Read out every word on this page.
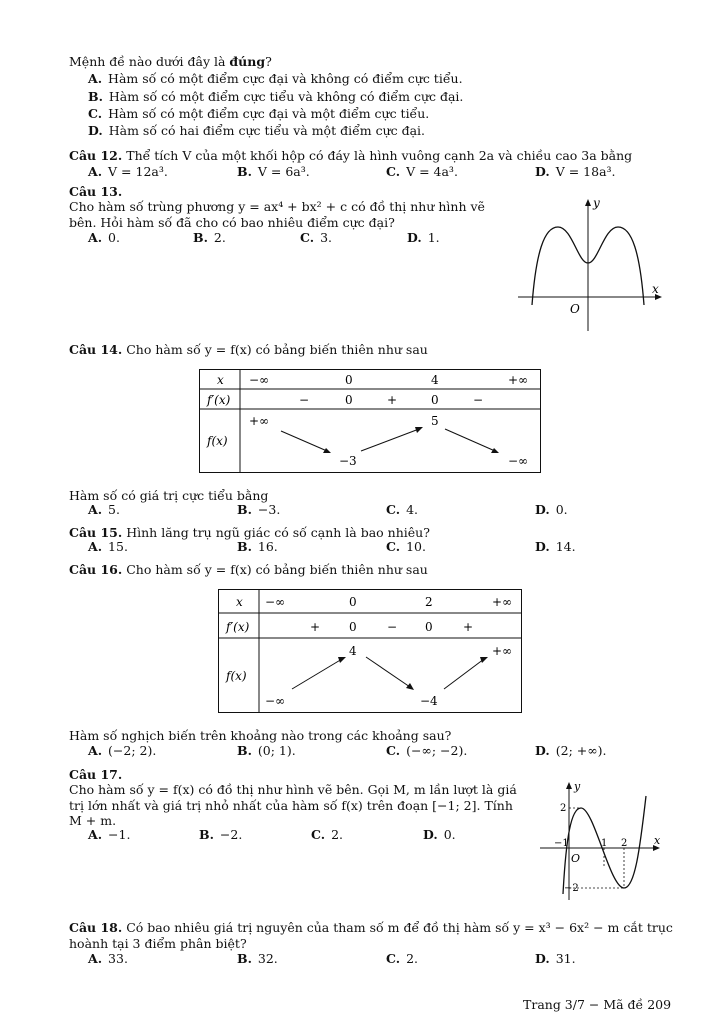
Mệnh đề nào dưới đây là đúng?
A. Hàm số có một điểm cực đại và không có điểm cực tiểu.
B. Hàm số có một điểm cực tiểu và không có điểm cực đại.
C. Hàm số có một điểm cực đại và một điểm cực tiểu.
D. Hàm số có hai điểm cực tiểu và một điểm cực đại.
Câu 12. Thể tích V của một khối hộp có đáy là hình vuông cạnh 2a và chiều cao 3a bằng
A. V = 12a³.	B. V = 6a³.	C. V = 4a³.	D. V = 18a³.
Câu 13.
Cho hàm số trùng phương y = ax⁴ + bx² + c có đồ thị như hình vẽ
bên. Hỏi hàm số đã cho có bao nhiêu điểm cực đại?
A. 0.	B. 2.	C. 3.	D. 1.
x
y
O
Câu 14. Cho hàm số y = f(x) có bảng biến thiên như sau
x
f′(x)
f(x)
−∞	0	4	+∞
−	0	+	0	−
+∞	5
−3	−∞
Hàm số có giá trị cực tiểu bằng
A. 5.	B. −3.	C. 4.	D. 0.
Câu 15. Hình lăng trụ ngũ giác có số cạnh là bao nhiêu?
A. 15.	B. 16.	C. 10.	D. 14.
Câu 16. Cho hàm số y = f(x) có bảng biến thiên như sau
x
f′(x)
f(x)
−∞	0	2	+∞
+ 0	− 0	+
4	+∞
−∞	−4
Hàm số nghịch biến trên khoảng nào trong các khoảng sau?
A. (−2; 2).	B. (0; 1).	C. (−∞; −2).	D. (2; +∞).
Câu 17.
Cho hàm số y = f(x) có đồ thị như hình vẽ bên. Gọi M, m lần lượt là giá
trị lớn nhất và giá trị nhỏ nhất của hàm số f(x) trên đoạn [−1; 2]. Tính
M + m.
A. −1.	B. −2.	C. 2.	D. 0.	x
y
O
−1	1 2
2
−2
Câu 18. Có bao nhiêu giá trị nguyên của tham số m để đồ thị hàm số y = x³ − 6x² − m cắt trục
hoành tại 3 điểm phân biệt?
A. 33.	B. 32.	C. 2.	D. 31.
Trang 3/7 − Mã đề 209
